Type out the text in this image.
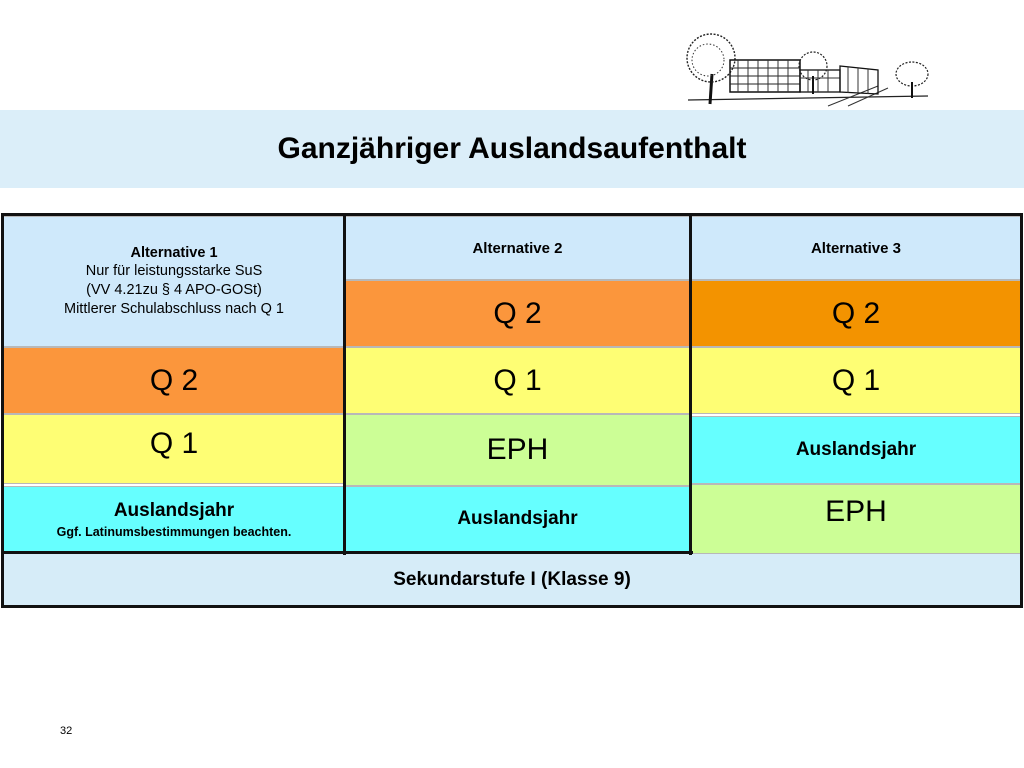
Ganzjähriger Auslandsaufenthalt
Alternative 1
Nur für leistungsstarke SuS
(VV 4.21zu § 4 APO-GOSt)
Mittlerer Schulabschluss nach Q 1
Q 2
Q 1
Auslandsjahr
Ggf. Latinumsbestimmungen beachten.
Alternative 2
Q 2
Q 1
EPH
Auslandsjahr
Alternative 3
Q 2
Q 1
Auslandsjahr
EPH
Sekundarstufe I (Klasse 9)
32
